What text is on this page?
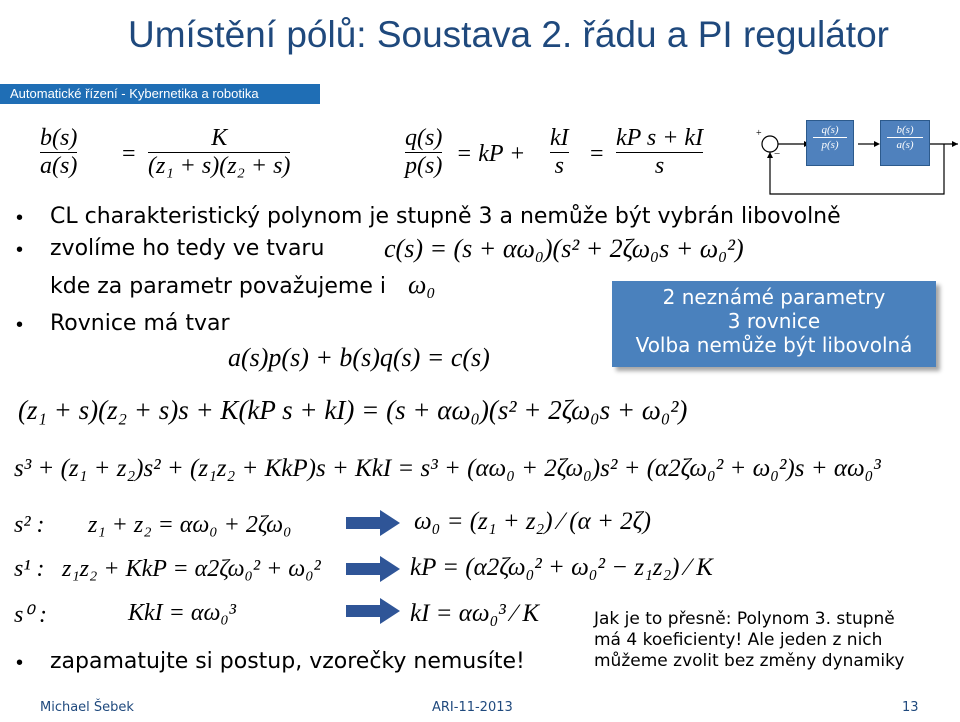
Umístění pólů: Soustava 2. řádu a PI regulátor
Automatické řízení - Kybernetika a robotika
$\frac{b(s)}{a(s)} = \frac{K}{\text{(z₁ + s)(z₂ + s)}}$	$\frac{q(s)}{p(s)}$ = kP + $\frac{kI}{s} = \frac{\text{kP s + kI}}{s}$	+
−
q(s)
p(s)
b(s)
a(s)
• CL charakteristický polynom je stupně 3 a nemůže být vybrán libovolně
• zvolíme ho tedy ve tvaru c(s) = (s + αω₀)(s² + 2ζω₀s + ω₀²)
kde za parametr považujeme i ω₀
• Rovnice má tvar
a(s)p(s) + b(s)q(s) = c(s)
2 neznámé parametry
3 rovnice
Volba nemůže být libovolná
(z₁ + s)(z₂ + s)s + K(kP s + kI) = (s + αω₀)(s² + 2ζω₀s + ω₀²)
s³ + (z₁ + z₂)s² + (z₁z₂ + KkP)s + KkI = s³ + (αω₀ + 2ζω₀)s² + (α2ζω₀² + ω₀²)s + αω₀³
s² : z₁ + z₂ = αω₀ + 2ζω₀	ω₀ = (z₁ + z₂) ⁄ (α + 2ζ)
s¹ : z₁z₂ + KkP = α2ζω₀² + ω₀²	kP = (α2ζω₀² + ω₀² − z₁z₂) ⁄ K
s⁰ :	KkI = αω₀³	kI = αω₀³ ⁄ K
• zapamatujte si postup, vzorečky nemusíte!
Jak je to přesně: Polynom 3. stupně
má 4 koeficienty! Ale jeden z nich
můžeme zvolit bez změny dynamiky
Michael Šebek	ARI-11-2013	13
